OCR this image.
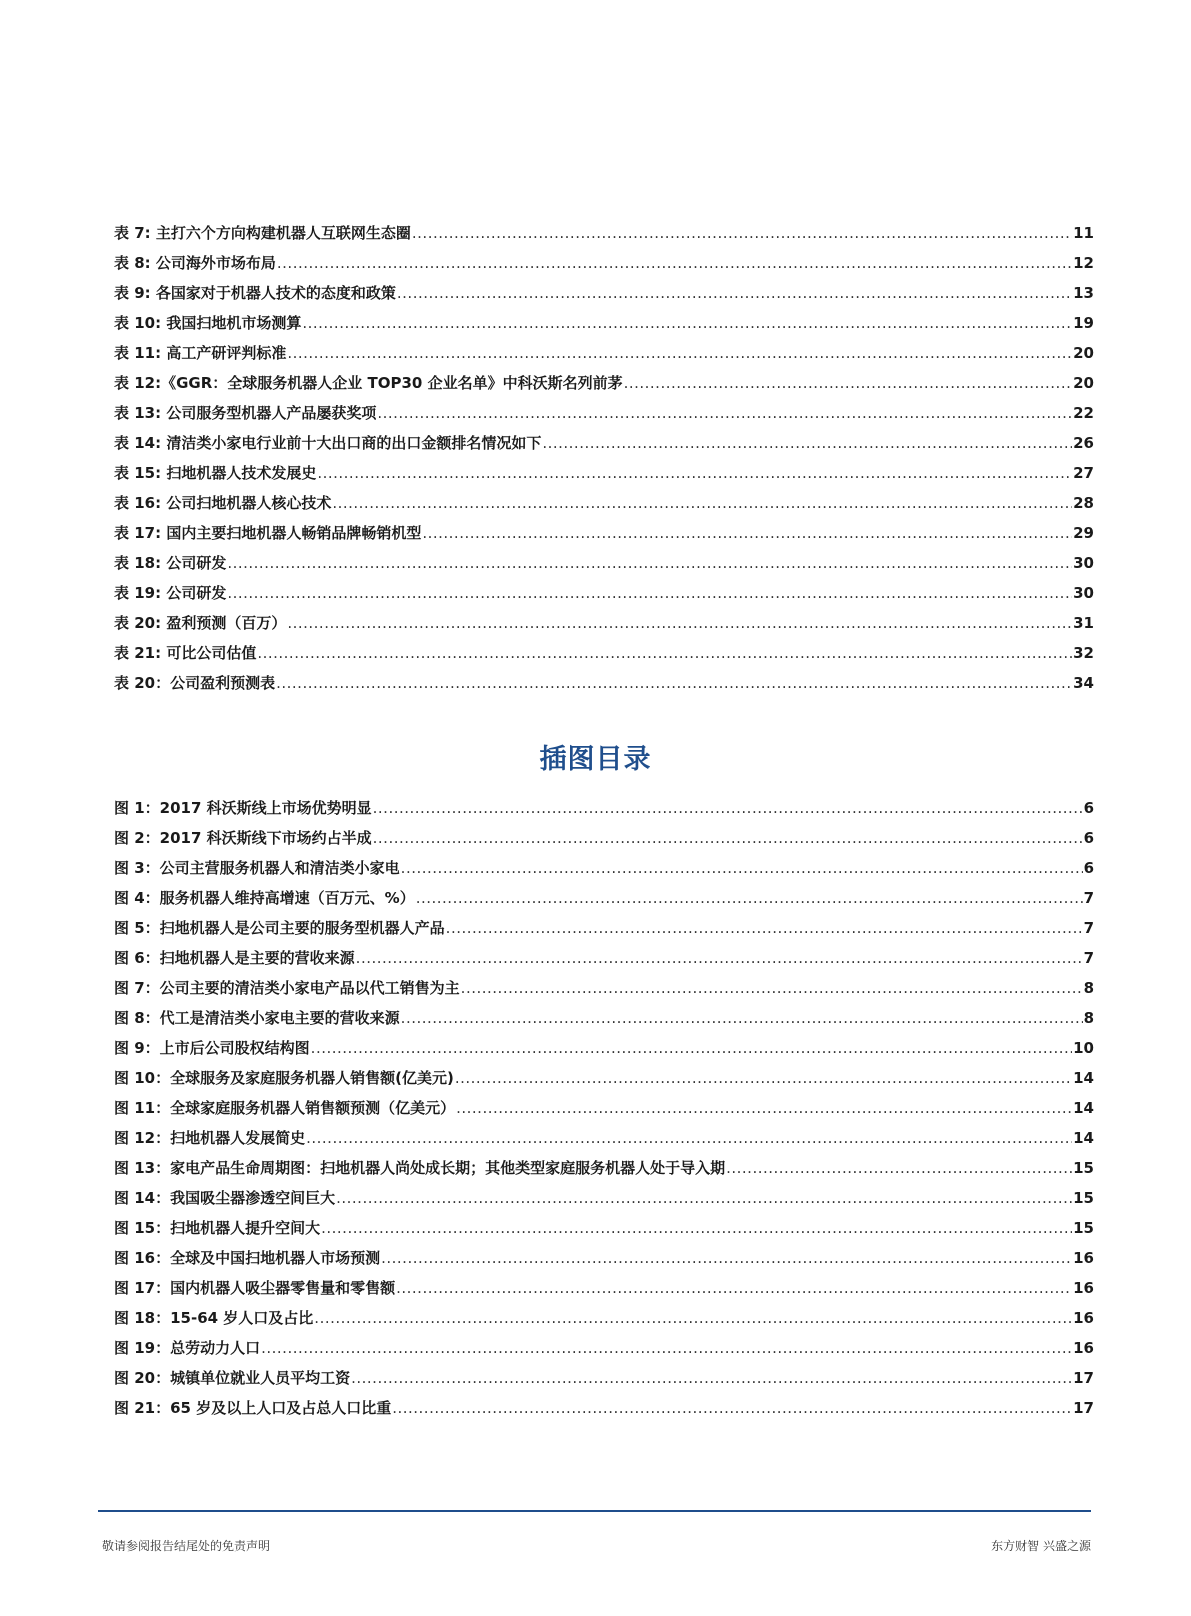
表 7: 主打六个方向构建机器人互联网生态圈 .....	11
表 8: 公司海外市场布局 .....	12
表 9: 各国家对于机器人技术的态度和政策 .....	13
表 10: 我国扫地机市场测算 .....	19
表 11: 高工产研评判标准 .....	20
表 12:《GGR：全球服务机器人企业 TOP30 企业名单》中科沃斯名列前茅 .....	20
表 13: 公司服务型机器人产品屡获奖项 .....	22
表 14: 清洁类小家电行业前十大出口商的出口金额排名情况如下 .....	26
表 15: 扫地机器人技术发展史 .....	27
表 16: 公司扫地机器人核心技术 .....	28
表 17: 国内主要扫地机器人畅销品牌畅销机型 .....	29
表 18: 公司研发 .....	30
表 19: 公司研发 .....	30
表 20: 盈利预测（百万） .....	31
表 21: 可比公司估值 .....	32
表 20：公司盈利预测表 .....	34
插图目录
图 1：2017 科沃斯线上市场优势明显 .....	6
图 2：2017 科沃斯线下市场约占半成 .....	6
图 3：公司主营服务机器人和清洁类小家电 .....	6
图 4：服务机器人维持高增速（百万元、%） .....	7
图 5：扫地机器人是公司主要的服务型机器人产品 .....	7
图 6：扫地机器人是主要的营收来源 .....	7
图 7：公司主要的清洁类小家电产品以代工销售为主 .....	8
图 8：代工是清洁类小家电主要的营收来源 .....	8
图 9：上市后公司股权结构图 .....	10
图 10：全球服务及家庭服务机器人销售额(亿美元) .....	14
图 11：全球家庭服务机器人销售额预测（亿美元） .....	14
图 12：扫地机器人发展简史 .....	14
图 13：家电产品生命周期图：扫地机器人尚处成长期；其他类型家庭服务机器人处于导入期 .....	15
图 14：我国吸尘器渗透空间巨大 .....	15
图 15：扫地机器人提升空间大 .....	15
图 16：全球及中国扫地机器人市场预测 .....	16
图 17：国内机器人吸尘器零售量和零售额 .....	16
图 18：15-64 岁人口及占比 .....	16
图 19：总劳动力人口 .....	16
图 20：城镇单位就业人员平均工资 .....	17
图 21：65 岁及以上人口及占总人口比重 .....	17
敬请参阅报告结尾处的免责声明	东方财智 兴盛之源
